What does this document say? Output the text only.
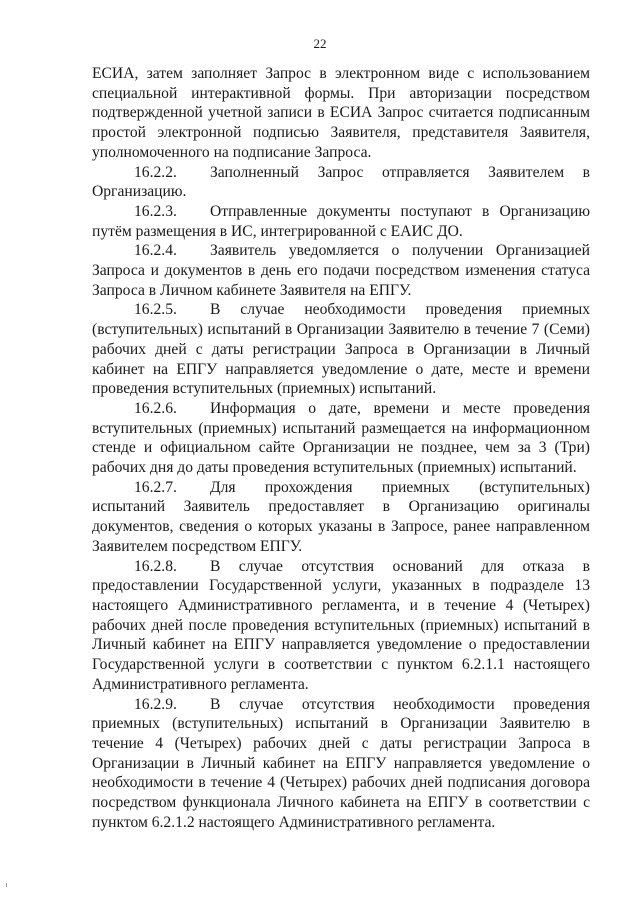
22

ЕСИА, затем заполняет Запрос в электронном виде с использованием специальной интерактивной формы. При авторизации посредством подтвержденной учетной записи в ЕСИА Запрос считается подписанным простой электронной подписью Заявителя, представителя Заявителя, уполномоченного на подписание Запроса.

16.2.2. Заполненный Запрос отправляется Заявителем в Организацию.

16.2.3. Отправленные документы поступают в Организацию путём размещения в ИС, интегрированной с ЕАИС ДО.

16.2.4. Заявитель уведомляется о получении Организацией Запроса и документов в день его подачи посредством изменения статуса Запроса в Личном кабинете Заявителя на ЕПГУ.

16.2.5. В случае необходимости проведения приемных (вступительных) испытаний в Организации Заявителю в течение 7 (Семи) рабочих дней с даты регистрации Запроса в Организации в Личный кабинет на ЕПГУ направляется уведомление о дате, месте и времени проведения вступительных (приемных) испытаний.

16.2.6. Информация о дате, времени и месте проведения вступительных (приемных) испытаний размещается на информационном стенде и официальном сайте Организации не позднее, чем за 3 (Три) рабочих дня до даты проведения вступительных (приемных) испытаний.

16.2.7. Для прохождения приемных (вступительных) испытаний Заявитель предоставляет в Организацию оригиналы документов, сведения о которых указаны в Запросе, ранее направленном Заявителем посредством ЕПГУ.

16.2.8. В случае отсутствия оснований для отказа в предоставлении Государственной услуги, указанных в подразделе 13 настоящего Административного регламента, и в течение 4 (Четырех) рабочих дней после проведения вступительных (приемных) испытаний в Личный кабинет на ЕПГУ направляется уведомление о предоставлении Государственной услуги в соответствии с пунктом 6.2.1.1 настоящего Административного регламента.

16.2.9. В случае отсутствия необходимости проведения приемных (вступительных) испытаний в Организации Заявителю в течение 4 (Четырех) рабочих дней с даты регистрации Запроса в Организации в Личный кабинет на ЕПГУ направляется уведомление о необходимости в течение 4 (Четырех) рабочих дней подписания договора посредством функционала Личного кабинета на ЕПГУ в соответствии с пунктом 6.2.1.2 настоящего Административного регламента.
